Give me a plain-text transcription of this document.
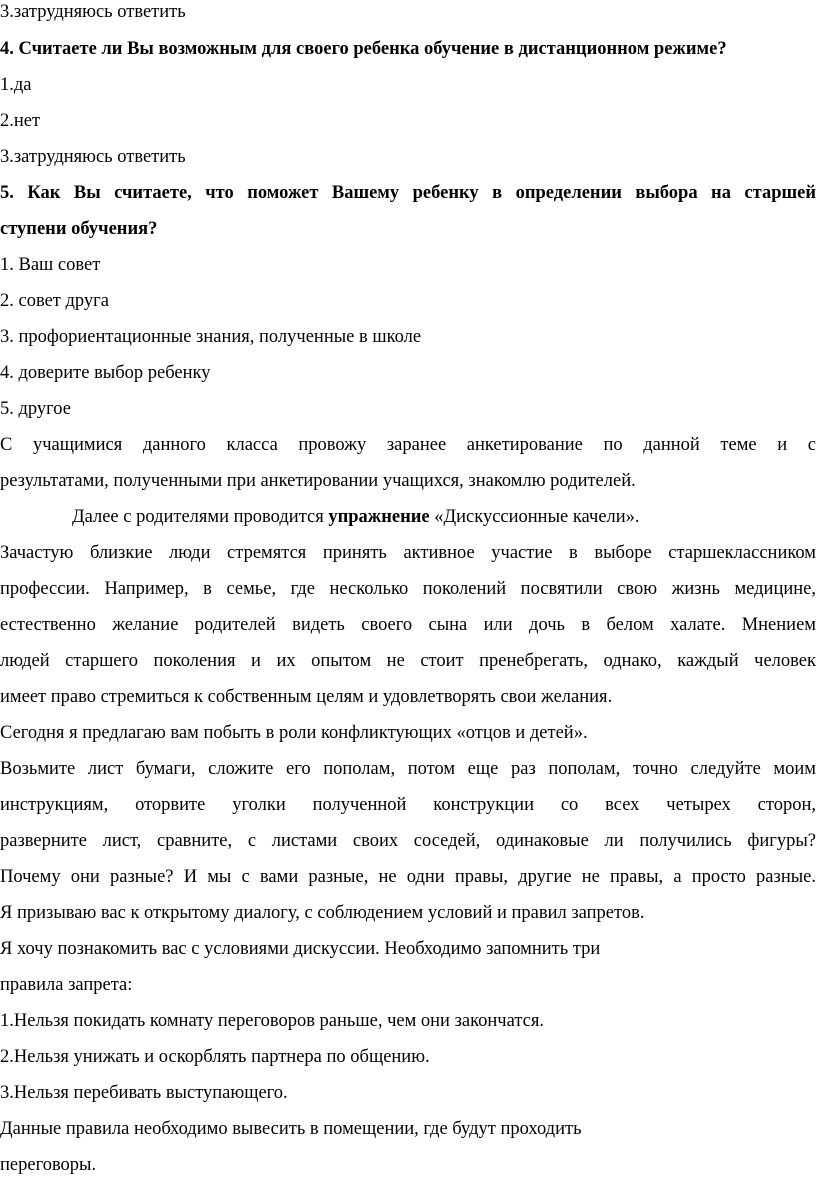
3.затрудняюсь ответить

4. Считаете ли Вы возможным для своего ребенка обучение в дистанционном режиме?

1.да

2.нет

3.затрудняюсь ответить

5. Как Вы считаете, что поможет Вашему ребенку в определении выбора на старшей

ступени обучения?

1. Ваш совет

2. совет друга

3. профориентационные знания, полученные в школе

4. доверите выбор ребенку

5. другое

С учащимися данного класса провожу заранее анкетирование по данной теме и с

результатами, полученными при анкетировании учащихся, знакомлю родителей.

Далее с родителями проводится упражнение «Дискуссионные качели».

Зачастую близкие люди стремятся принять активное участие в выборе старшеклассником

профессии. Например, в семье, где несколько поколений посвятили свою жизнь медицине,

естественно желание родителей видеть своего сына или дочь в белом халате. Мнением

людей старшего поколения и их опытом не стоит пренебрегать, однако, каждый человек

имеет право стремиться к собственным целям и удовлетворять свои желания.

Сегодня я предлагаю вам побыть в роли конфликтующих «отцов и детей».

Возьмите лист бумаги, сложите его пополам, потом еще раз пополам, точно следуйте моим

инструкциям, оторвите уголки полученной конструкции со всех четырех сторон,

разверните лист, сравните, с листами своих соседей, одинаковые ли получились фигуры?

Почему они разные? И мы с вами разные, не одни правы, другие не правы, а просто разные.

Я призываю вас к открытому диалогу, с соблюдением условий и правил запретов.

Я хочу познакомить вас с условиями дискуссии. Необходимо запомнить три

правила запрета:

1.Нельзя покидать комнату переговоров раньше, чем они закончатся.

2.Нельзя унижать и оскорблять партнера по общению.

3.Нельзя перебивать выступающего.

Данные правила необходимо вывесить в помещении, где будут проходить

переговоры.
